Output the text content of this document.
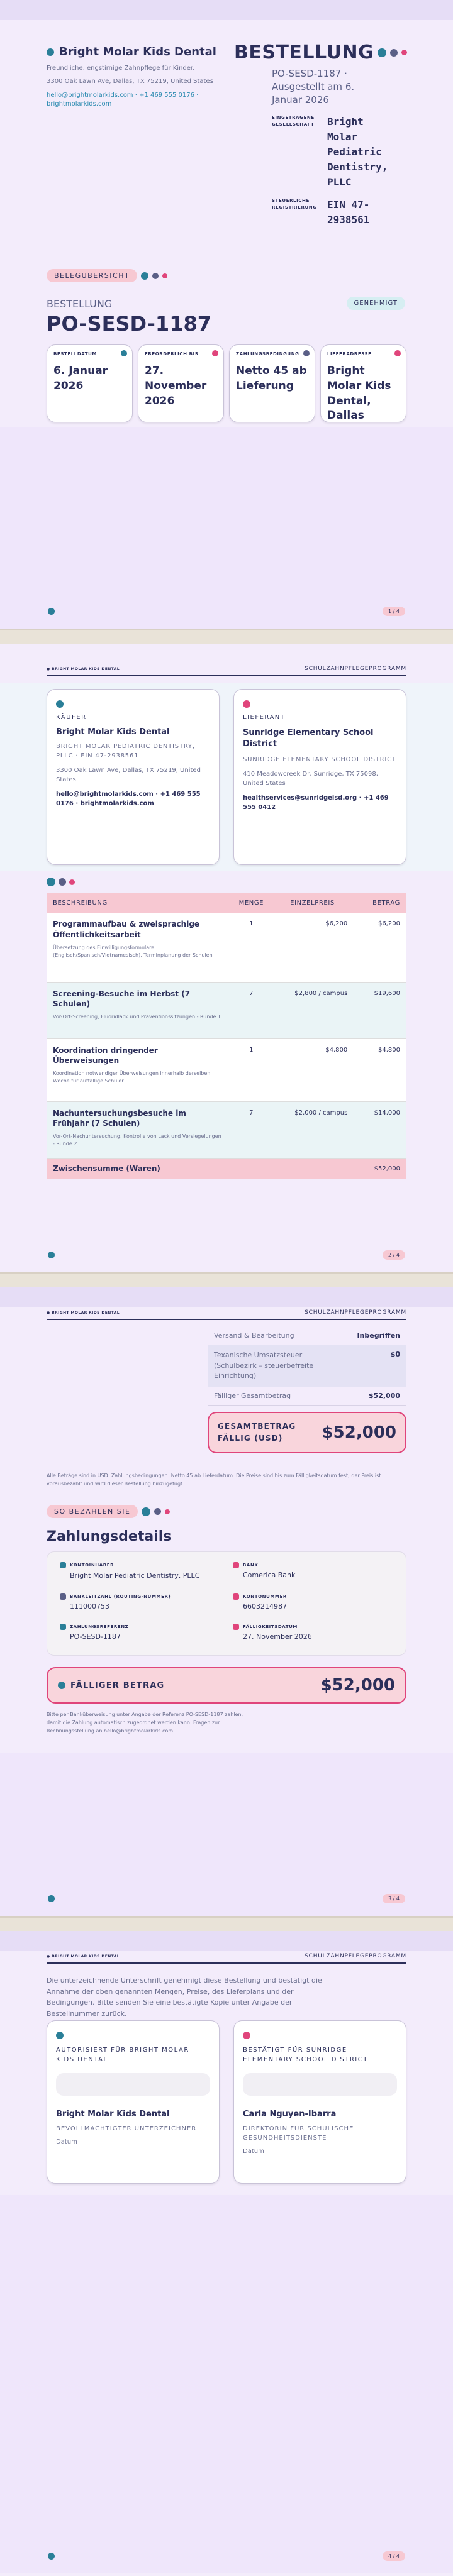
Bright Molar Kids Dental
Freundliche, engstirnige Zahnpflege für Kinder.
3300 Oak Lawn Ave, Dallas, TX 75219, United States
hello@brightmolarkids.com · +1 469 555 0176 · brightmolarkids.com
BESTELLUNG
PO-SESD-1187 · Ausgestellt am 6. Januar 2026
EINGETRAGENE GESELLSCHAFT	Bright Molar Pediatric Dentistry, PLLC
STEUERLICHE REGISTRIERUNG	EIN 47-2938561
BELEGÜBERSICHT
BESTELLUNG
PO-SESD-1187
GENEHMIGT
BESTELLDATUM
6. Januar 2026
ERFORDERLICH BIS
27. November 2026
ZAHLUNGSBEDINGUNG
Netto 45 ab Lieferung
LIEFERADRESSE
Bright Molar Kids Dental, Dallas
1 / 4
● BRIGHT MOLAR KIDS DENTAL	SCHULZAHNPFLEGEPROGRAMM
KÄUFER
Bright Molar Kids Dental
BRIGHT MOLAR PEDIATRIC DENTISTRY, PLLC · EIN 47-2938561
3300 Oak Lawn Ave, Dallas, TX 75219, United States
hello@brightmolarkids.com · +1 469 555 0176 · brightmolarkids.com
LIEFERANT
Sunridge Elementary School District
SUNRIDGE ELEMENTARY SCHOOL DISTRICT
410 Meadowcreek Dr, Sunridge, TX 75098, United States
healthservices@sunridgeisd.org · +1 469 555 0412
BESCHREIBUNG	MENGE	EINZELPREIS	BETRAG

Programmaufbau & zweisprachige Öffentlichkeitsarbeit
Übersetzung des Einwilligungsformulare (Englisch/Spanisch/Vietnamesisch), Terminplanung der Schulen	1	$6,200	$6,200

Screening-Besuche im Herbst (7 Schulen)
Vor-Ort-Screening, Fluoridlack und Präventionssitzungen - Runde 1	7	$2,800 / campus	$19,600

Koordination dringender Überweisungen
Koordination notwendiger Überweisungen innerhalb derselben Woche für auffällige Schüler	1	$4,800	$4,800

Nachuntersuchungsbesuche im Frühjahr (7 Schulen)
Vor-Ort-Nachuntersuchung, Kontrolle von Lack und Versiegelungen - Runde 2	7	$2,000 / campus	$14,000
Zwischensumme (Waren)			$52,000
2 / 4
● BRIGHT MOLAR KIDS DENTAL	SCHULZAHNPFLEGEPROGRAMM
Versand & Bearbeitung	Inbegriffen
Texanische Umsatzsteuer (Schulbezirk – steuerbefreite Einrichtung)
$0
Fälliger Gesamtbetrag	$52,000
GESAMTBETRAG FÄLLIG (USD)	$52,000
Alle Beträge sind in USD. Zahlungsbedingungen: Netto 45 ab Lieferdatum. Die Preise sind bis zum Fälligkeitsdatum fest; der Preis ist vorausbezahlt und wird dieser Bestellung hinzugefügt.
SO BEZAHLEN SIE
Zahlungsdetails
KONTOINHABER
Bright Molar Pediatric Dentistry, PLLC
BANK
Comerica Bank
BANKLEITZAHL (ROUTING-NUMMER)
111000753
KONTONUMMER
6603214987
ZAHLUNGSREFERENZ
PO-SESD-1187
FÄLLIGKEITSDATUM
27. November 2026
FÄLLIGER BETRAG	$52,000
Bitte per Banküberweisung unter Angabe der Referenz PO-SESD-1187 zahlen, damit die Zahlung automatisch zugeordnet werden kann. Fragen zur Rechnungsstellung an hello@brightmolarkids.com.
3 / 4
● BRIGHT MOLAR KIDS DENTAL	SCHULZAHNPFLEGEPROGRAMM
Die unterzeichnende Unterschrift genehmigt diese Bestellung und bestätigt die Annahme der oben genannten Mengen, Preise, des Lieferplans und der Bedingungen. Bitte senden Sie eine bestätigte Kopie unter Angabe der Bestellnummer zurück.
AUTORISIERT FÜR BRIGHT MOLAR KIDS DENTAL
Bright Molar Kids Dental
BEVOLLMÄCHTIGTER UNTERZEICHNER
Datum
BESTÄTIGT FÜR SUNRIDGE ELEMENTARY SCHOOL DISTRICT
Carla Nguyen-Ibarra
DIREKTORIN FÜR SCHULISCHE GESUNDHEITSDIENSTE
Datum
4 / 4
